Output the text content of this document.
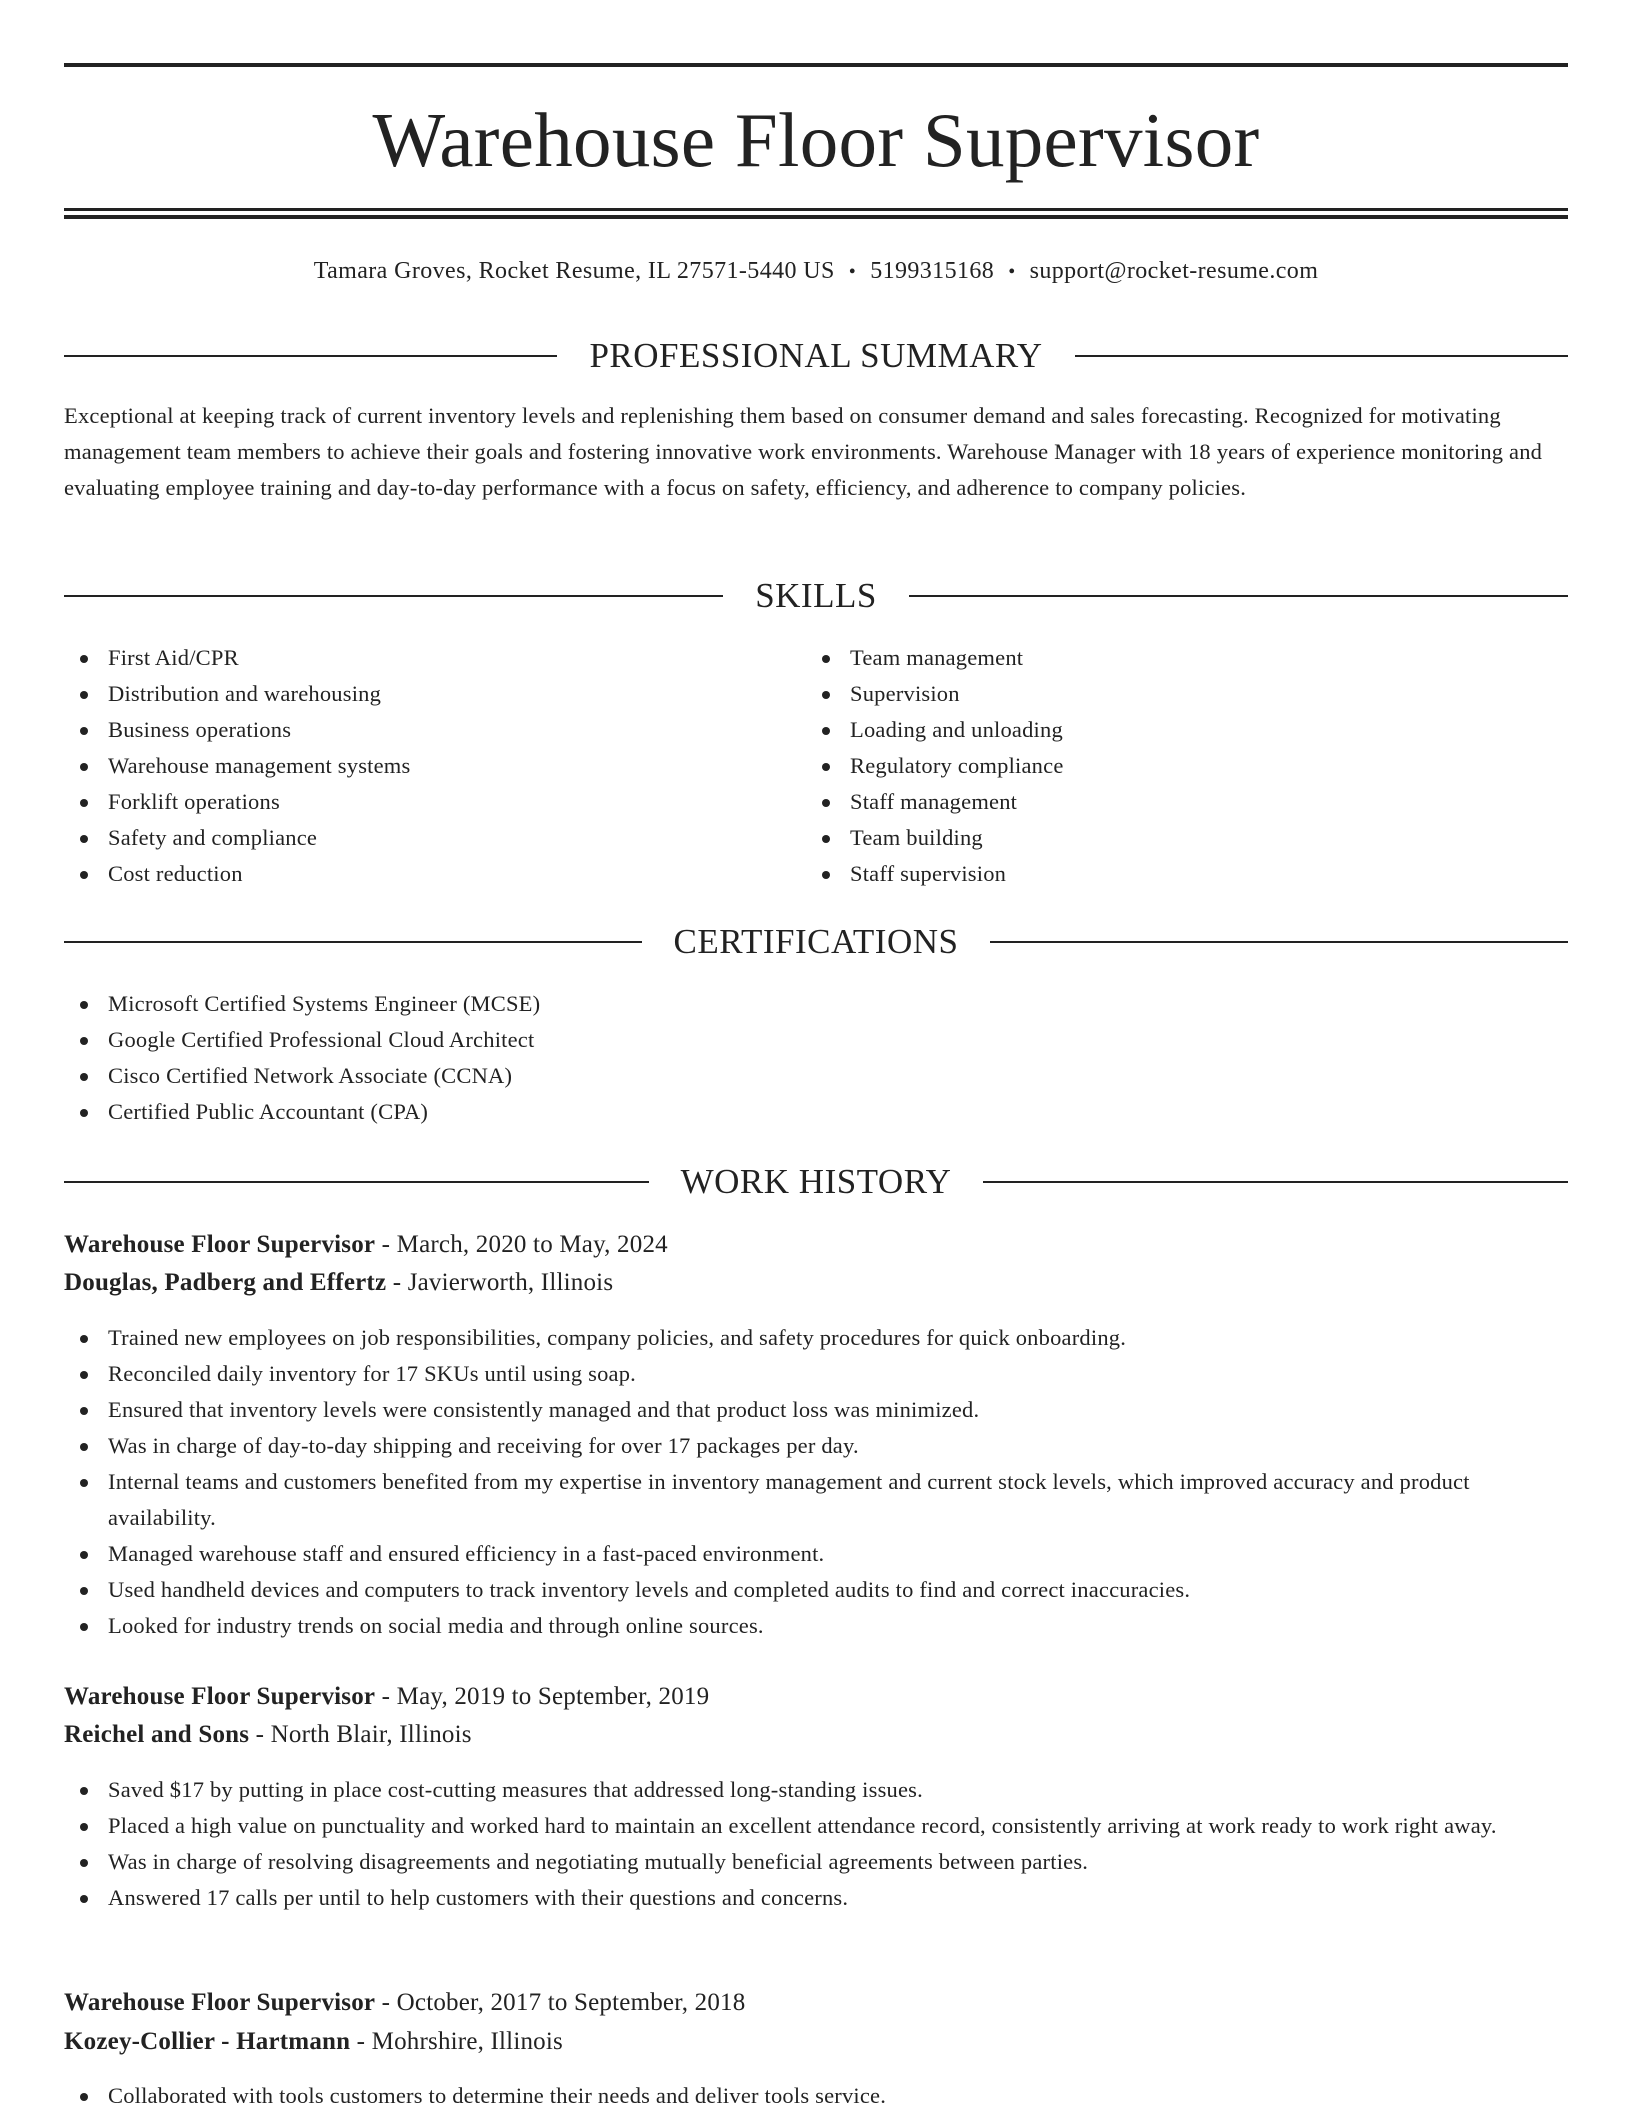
Warehouse Floor Supervisor
Tamara Groves, Rocket Resume, IL 27571-5440 US • 5199315168 • support@rocket-resume.com
PROFESSIONAL SUMMARY

Exceptional at keeping track of current inventory levels and replenishing them based on consumer demand and sales forecasting. Recognized for motivating management team members to achieve their goals and fostering innovative work environments. Warehouse Manager with 18 years of experience monitoring and evaluating employee training and day-to-day performance with a focus on safety, efficiency, and adherence to company policies.

SKILLS
First Aid/CPR
Distribution and warehousing
Business operations
Warehouse management systems
Forklift operations
Safety and compliance
Cost reduction
Team management
Supervision
Loading and unloading
Regulatory compliance
Staff management
Team building
Staff supervision
CERTIFICATIONS
Microsoft Certified Systems Engineer (MCSE)
Google Certified Professional Cloud Architect
Cisco Certified Network Associate (CCNA)
Certified Public Accountant (CPA)
WORK HISTORY
Warehouse Floor Supervisor - March, 2020 to May, 2024
Douglas, Padberg and Effertz - Javierworth, Illinois
Trained new employees on job responsibilities, company policies, and safety procedures for quick onboarding.
Reconciled daily inventory for 17 SKUs until using soap.
Ensured that inventory levels were consistently managed and that product loss was minimized.
Was in charge of day-to-day shipping and receiving for over 17 packages per day.
Internal teams and customers benefited from my expertise in inventory management and current stock levels, which improved accuracy and product availability.
Managed warehouse staff and ensured efficiency in a fast-paced environment.
Used handheld devices and computers to track inventory levels and completed audits to find and correct inaccuracies.
Looked for industry trends on social media and through online sources.
Warehouse Floor Supervisor - May, 2019 to September, 2019
Reichel and Sons - North Blair, Illinois
Saved $17 by putting in place cost-cutting measures that addressed long-standing issues.
Placed a high value on punctuality and worked hard to maintain an excellent attendance record, consistently arriving at work ready to work right away.
Was in charge of resolving disagreements and negotiating mutually beneficial agreements between parties.
Answered 17 calls per until to help customers with their questions and concerns.
Warehouse Floor Supervisor - October, 2017 to September, 2018
Kozey-Collier - Hartmann - Mohrshire, Illinois
Collaborated with tools customers to determine their needs and deliver tools service.
